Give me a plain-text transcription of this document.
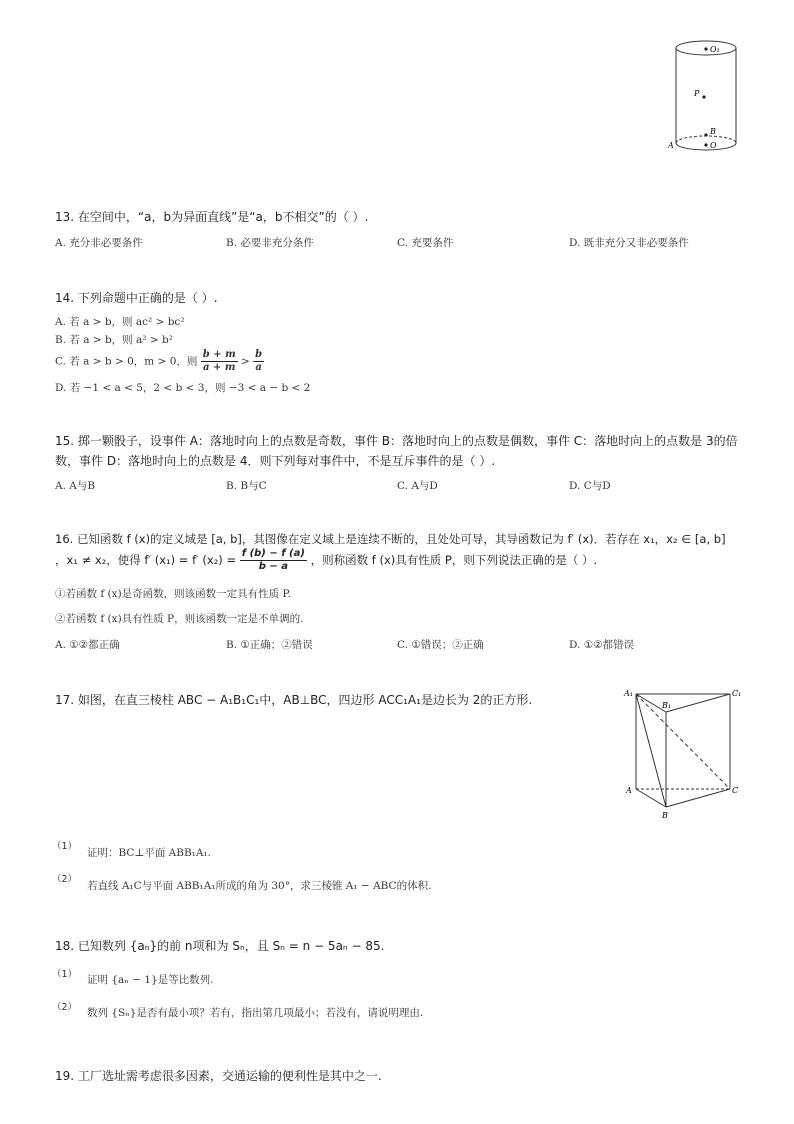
O₁
P
B
A	O
13. 在空间中，“a，b为异面直线”是“a，b不相交”的（ ）.
A. 充分非必要条件	B. 必要非充分条件	C. 充要条件	D. 既非充分又非必要条件
14. 下列命题中正确的是（ ）.
A. 若 a > b，则 ac² > bc²
B. 若 a > b，则 a² > b²
C. 若 a > b > 0，m > 0，则 $\frac{b + m}{a + m} > \frac{b}{a}$
D. 若 −1 < a < 5，2 < b < 3，则 −3 < a − b < 2
15. 掷一颗骰子，设事件 A：落地时向上的点数是奇数，事件 B：落地时向上的点数是偶数，事件 C：落地时向上的点数是 3的倍
数，事件 D：落地时向上的点数是 4．则下列每对事件中，不是互斥事件的是（ ）.
A. A与B	B. B与C	C. A与D	D. C与D
16. 已知函数 f (x)的定义域是 [a, b]，其图像在定义域上是连续不断的，且处处可导，其导函数记为 f′ (x)．若存在 x₁，x₂ ∈ [a, b]
，x₁ ≠ x₂，使得 f′ (x₁) = f′ $(x_2) = \frac{f (b) - f (a)}{b - a}$ ，则称函数 f (x)具有性质 P，则下列说法正确的是（ ）.
①若函数 f (x)是奇函数，则该函数一定具有性质 P.
②若函数 f (x)具有性质 P，则该函数一定是不单调的.
A. ①②都正确	B. ①正确；②错误	C. ①错误；②正确	D. ①②都错误
17. 如图，在直三棱柱 ABC − A₁B₁C₁中，AB⊥BC，四边形 ACC₁A₁是边长为 2的正方形.	A₁
B₁
C₁
A
B
C
（1）
证明：BC⊥平面 ABB₁A₁.
（2）
若直线 A₁C与平面 ABB₁A₁所成的角为 30°，求三棱锥 A₁ − ABC的体积.
18. 已知数列 {aₙ}的前 n项和为 Sₙ，且 Sₙ = n − 5aₙ − 85.
（1） 证明 {aₙ − 1}是等比数列.
（2） 数列 {Sₙ}是否有最小项？若有，指出第几项最小；若没有，请说明理由.
19. 工厂选址需考虑很多因素，交通运输的便利性是其中之一.
